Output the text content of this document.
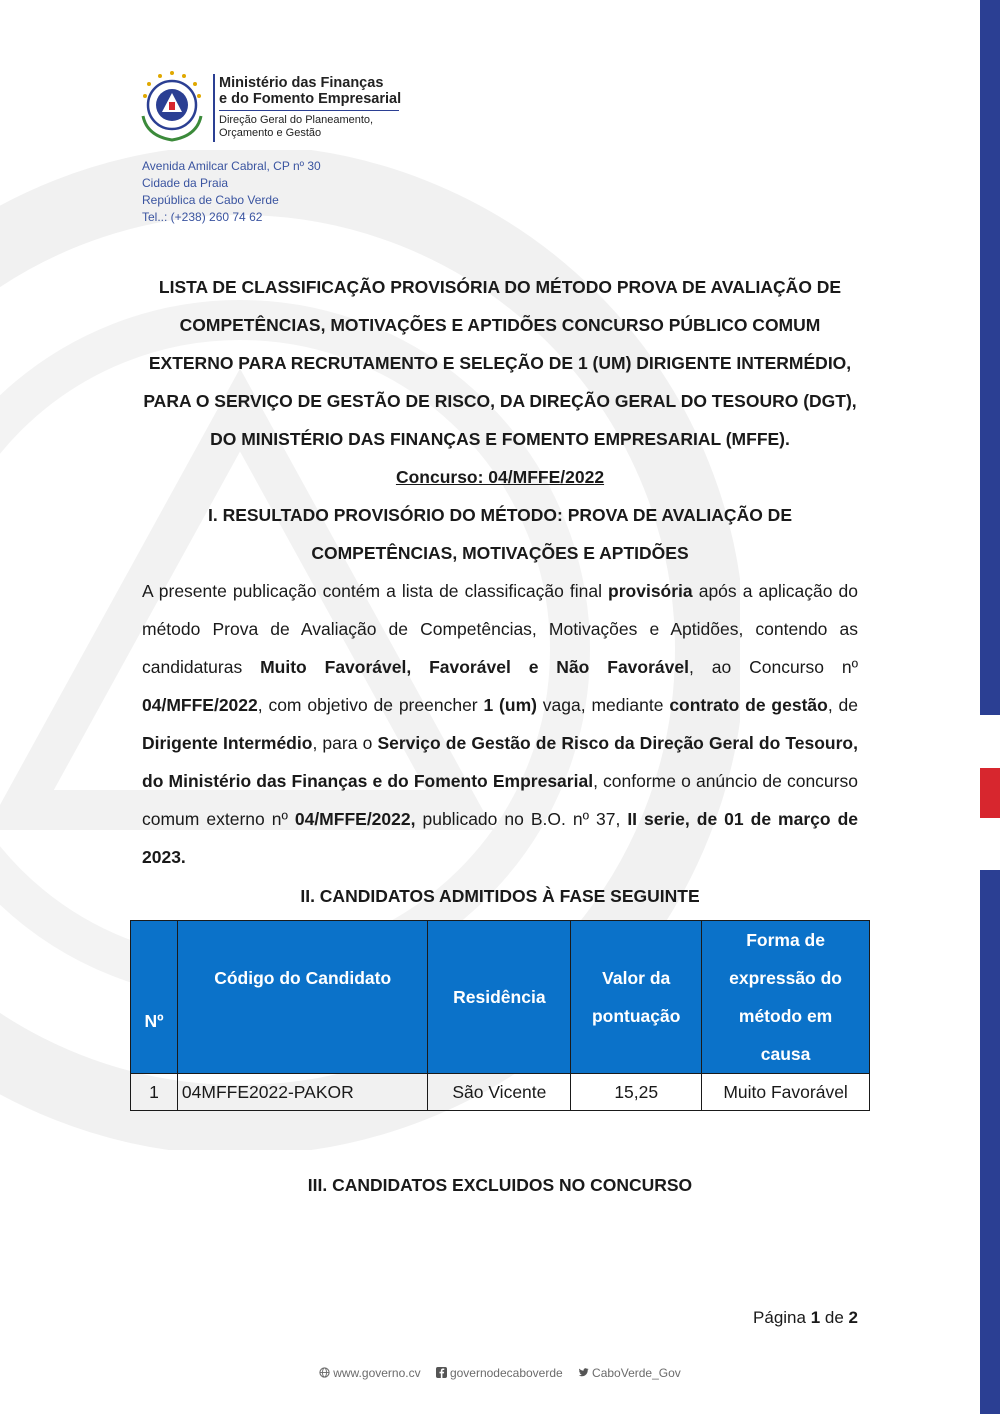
Ministério das Finanças
e do Fomento Empresarial
Direção Geral do Planeamento,
Orçamento e Gestão
Avenida Amilcar Cabral, CP nº 30
Cidade da Praia
República de Cabo Verde
Tel..: (+238) 260 74 62
LISTA DE CLASSIFICAÇÃO PROVISÓRIA DO MÉTODO PROVA DE AVALIAÇÃO DE
COMPETÊNCIAS, MOTIVAÇÕES E APTIDÕES CONCURSO PÚBLICO COMUM
EXTERNO PARA RECRUTAMENTO E SELEÇÃO DE 1 (UM) DIRIGENTE INTERMÉDIO,
PARA O SERVIÇO DE GESTÃO DE RISCO, DA DIREÇÃO GERAL DO TESOURO (DGT),
DO MINISTÉRIO DAS FINANÇAS E FOMENTO EMPRESARIAL (MFFE).
Concurso: 04/MFFE/2022
I. RESULTADO PROVISÓRIO DO MÉTODO: PROVA DE AVALIAÇÃO DE
COMPETÊNCIAS, MOTIVAÇÕES E APTIDÕES
A presente publicação contém a lista de classificação final provisória após a aplicação do método Prova de Avaliação de Competências, Motivações e Aptidões, contendo as candidaturas Muito Favorável, Favorável e Não Favorável, ao Concurso nº 04/MFFE/2022, com objetivo de preencher 1 (um) vaga, mediante contrato de gestão, de Dirigente Intermédio, para o Serviço de Gestão de Risco da Direção Geral do Tesouro, do Ministério das Finanças e do Fomento Empresarial, conforme o anúncio de concurso comum externo nº 04/MFFE/2022, publicado no B.O. nº 37, II serie, de 01 de março de 2023.
II. CANDIDATOS ADMITIDOS À FASE SEGUINTE
Nº	Código do Candidato	Residência	Valor da pontuação	Forma de expressão do método em causa
1	04MFFE2022-PAKOR	São Vicente	15,25	Muito Favorável
III. CANDIDATOS EXCLUIDOS NO CONCURSO
Página 1 de 2
www.governo.cv governodecaboverde CaboVerde_Gov
